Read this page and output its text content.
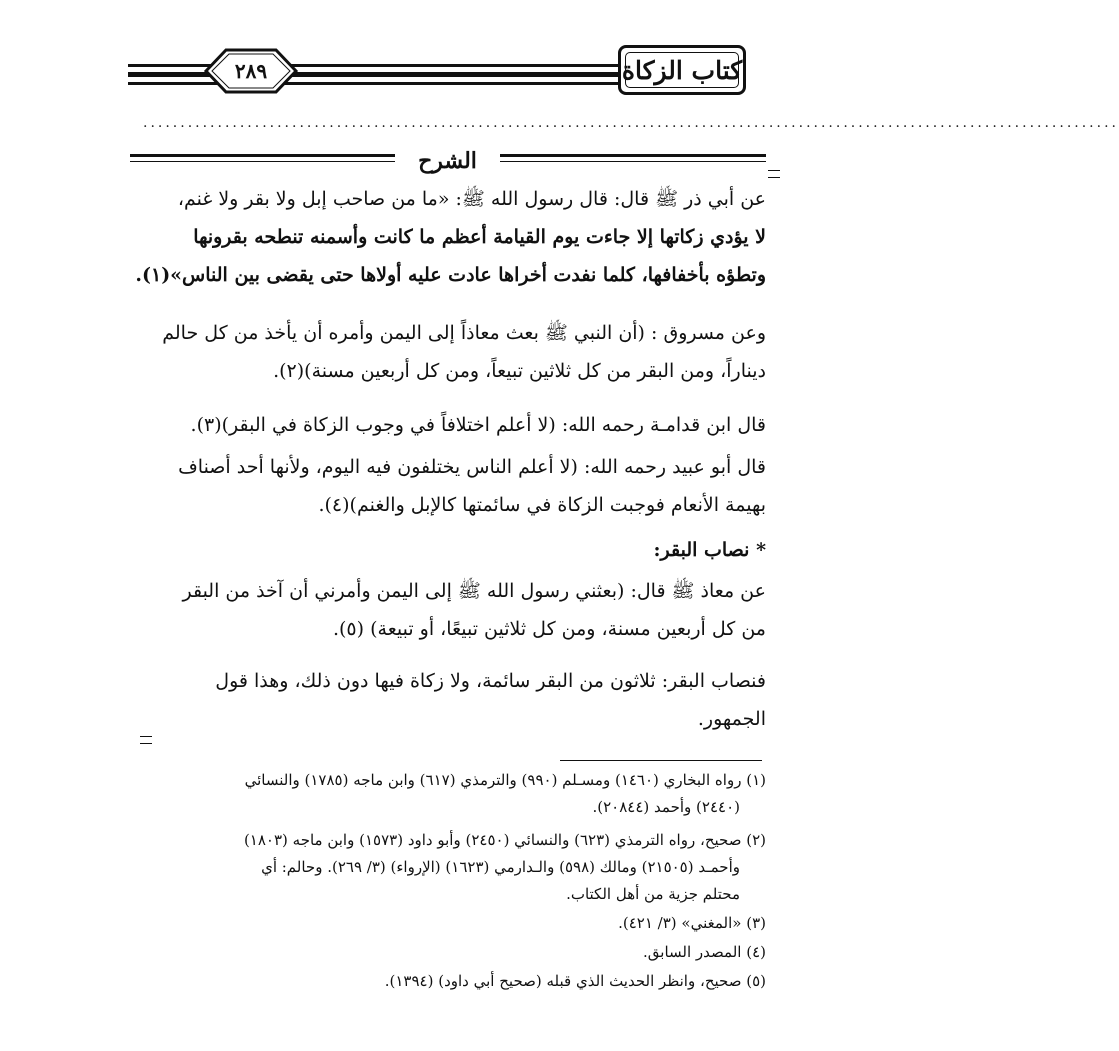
كتاب الزكاة
٢٨٩
...................................................................................................................................
الشرح
عن أبي ذر ﷺ قال: قال رسول الله ﷺ: «ما من صاحب إبل ولا بقر ولا غنم،
لا يؤدي زكاتها إلا جاءت يوم القيامة أعظم ما كانت وأسمنه تنطحه بقرونها
وتطؤه بأخفافها، كلما نفدت أخراها عادت عليه أولاها حتى يقضى بين الناس»(١).
وعن مسروق : (أن النبي ﷺ بعث معاذاً إلى اليمن وأمره أن يأخذ من كل حالم
ديناراً، ومن البقر من كل ثلاثين تبيعاً، ومن كل أربعين مسنة)(٢).
قال ابن قدامـة رحمه الله: (لا أعلم اختلافاً في وجوب الزكاة في البقر)(٣).
قال أبو عبيد رحمه الله: (لا أعلم الناس يختلفون فيه اليوم، ولأنها أحد أصناف
بهيمة الأنعام فوجبت الزكاة في سائمتها كالإبل والغنم)(٤).
* نصاب البقر:
عن معاذ ﷺ قال: (بعثني رسول الله ﷺ إلى اليمن وأمرني أن آخذ من البقر
من كل أربعين مسنة، ومن كل ثلاثين تبيعًا، أو تبيعة) (٥).
فنصاب البقر: ثلاثون من البقر سائمة، ولا زكاة فيها دون ذلك، وهذا قول
الجمهور.
(١) رواه البخاري (١٤٦٠) ومسـلم (٩٩٠) والترمذي (٦١٧) وابن ماجه (١٧٨٥) والنسائي
(٢٤٤٠) وأحمد (٢٠٨٤٤).
(٢) صحيح، رواه الترمذي (٦٢٣) والنسائي (٢٤٥٠) وأبو داود (١٥٧٣) وابن ماجه (١٨٠٣)
وأحمـد (٢١٥٠٥) ومالك (٥٩٨) والـدارمي (١٦٢٣) (الإرواء) (٣/ ٢٦٩). وحالم: أي
محتلم جزية من أهل الكتاب.
(٣) «المغني» (٣/ ٤٢١).
(٤) المصدر السابق.
(٥) صحيح، وانظر الحديث الذي قبله (صحيح أبي داود) (١٣٩٤).
